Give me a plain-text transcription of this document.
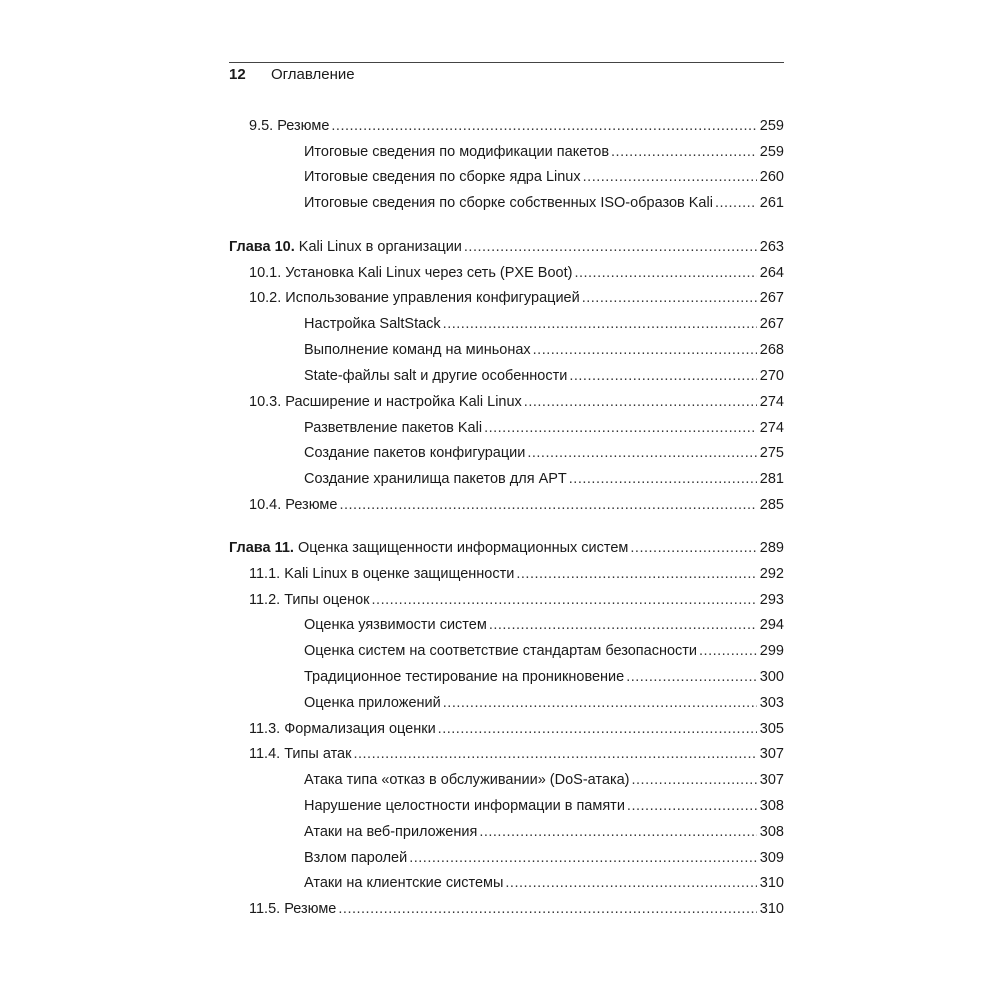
12 Оглавление
9.5. Резюме .....	259
Итоговые сведения по модификации пакетов .....	259
Итоговые сведения по сборке ядра Linux .....	260
Итоговые сведения по сборке собственных ISO-образов Kali .....	261
Глава 10. Kali Linux в организации .....	263
10.1. Установка Kali Linux через сеть (PXE Boot) .....	264
10.2. Использование управления конфигурацией .....	267
Настройка SaltStack .....	267
Выполнение команд на миньонах .....	268
State-файлы salt и другие особенности .....	270
10.3. Расширение и настройка Kali Linux .....	274
Разветвление пакетов Kali .....	274
Создание пакетов конфигурации .....	275
Создание хранилища пакетов для APT .....	281
10.4. Резюме .....	285
Глава 11. Оценка защищенности информационных систем .....	289
11.1. Kali Linux в оценке защищенности .....	292
11.2. Типы оценок .....	293
Оценка уязвимости систем .....	294
Оценка систем на соответствие стандартам безопасности .....	299
Традиционное тестирование на проникновение .....	300
Оценка приложений .....	303
11.3. Формализация оценки .....	305
11.4. Типы атак .....	307
Атака типа «отказ в обслуживании» (DoS-атака) .....	307
Нарушение целостности информации в памяти .....	308
Атаки на веб-приложения .....	308
Взлом паролей .....	309
Атаки на клиентские системы .....	310
11.5. Резюме .....	310
